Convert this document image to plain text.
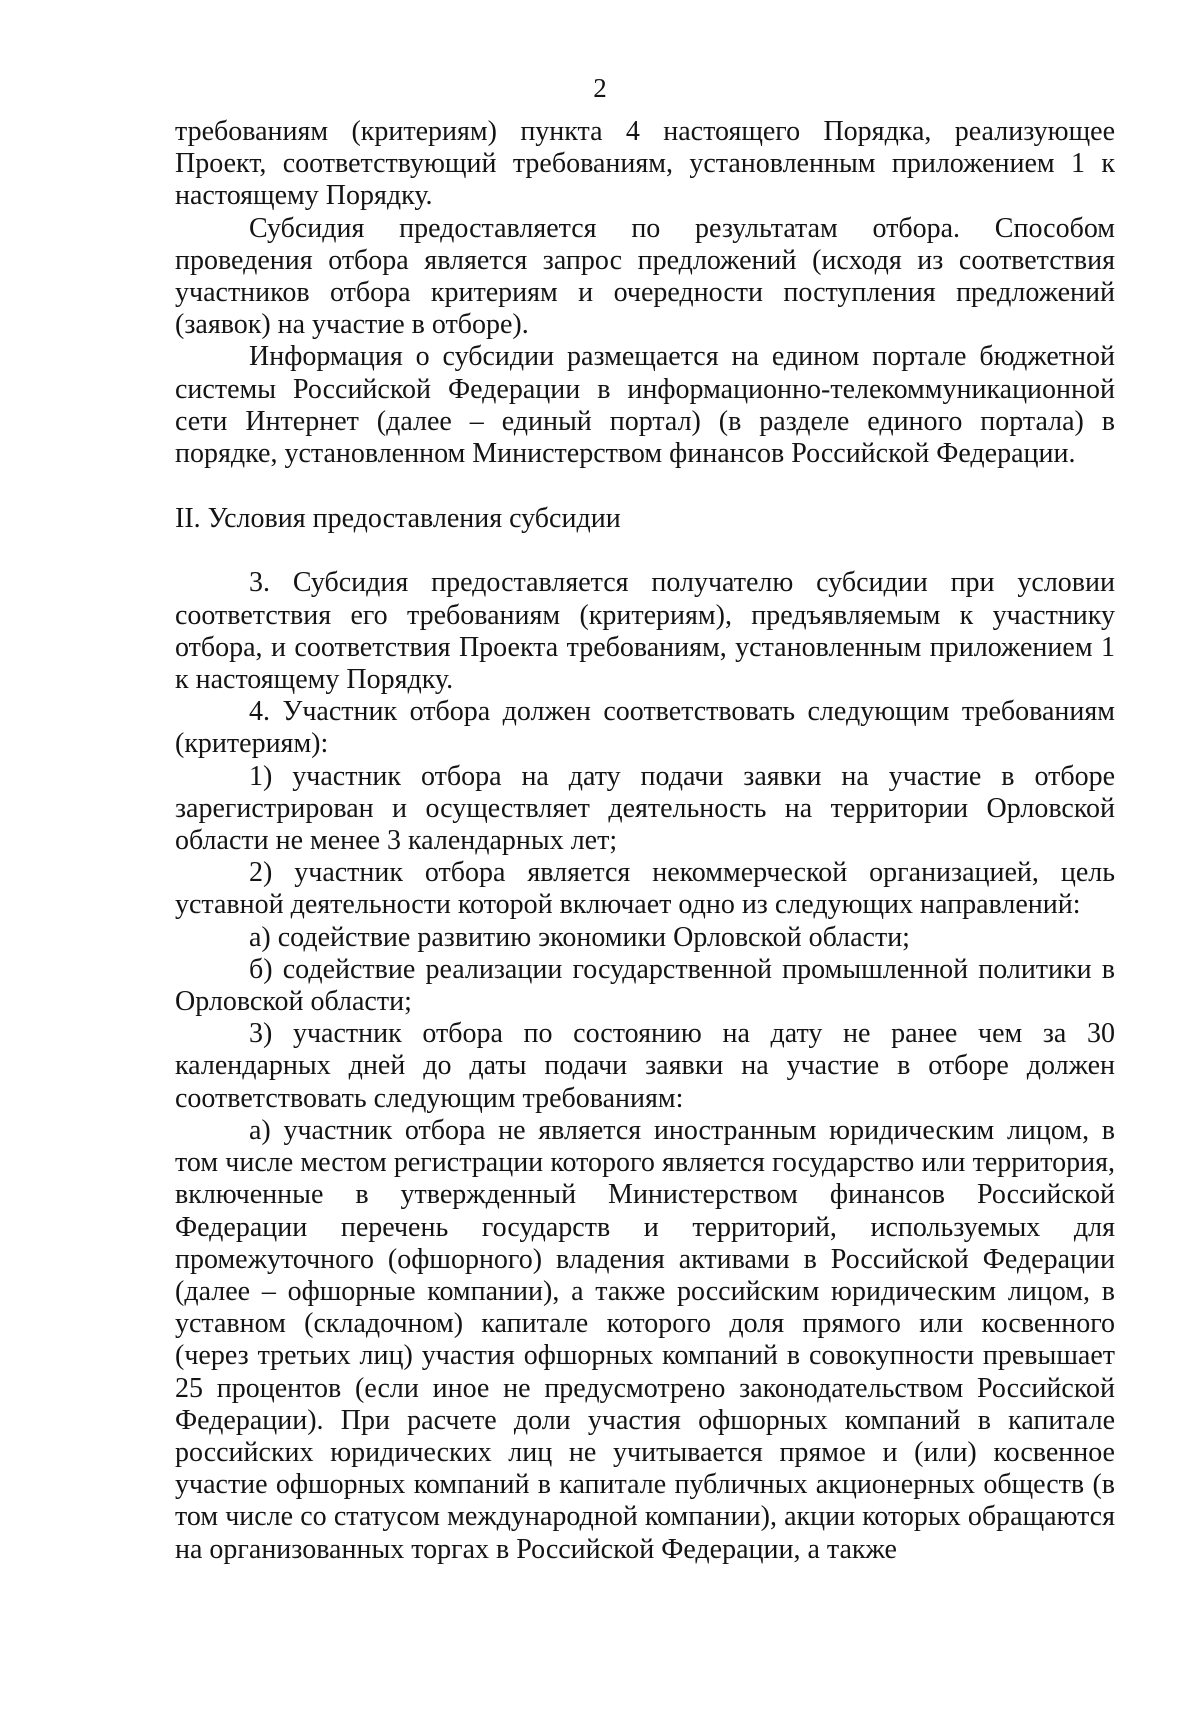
2

требованиям (критериям) пункта 4 настоящего Порядка, реализующее Проект, соответствующий требованиям, установленным приложением 1 к настоящему Порядку.

Субсидия предоставляется по результатам отбора. Способом проведения отбора является запрос предложений (исходя из соответствия участников отбора критериям и очередности поступления предложений (заявок) на участие в отборе).

Информация о субсидии размещается на едином портале бюджетной системы Российской Федерации в информационно-телекоммуникационной сети Интернет (далее – единый портал) (в разделе единого портала) в порядке, установленном Министерством финансов Российской Федерации.

II. Условия предоставления субсидии

3. Субсидия предоставляется получателю субсидии при условии соответствия его требованиям (критериям), предъявляемым к участнику отбора, и соответствия Проекта требованиям, установленным приложением 1 к настоящему Порядку.

4. Участник отбора должен соответствовать следующим требованиям (критериям):

1) участник отбора на дату подачи заявки на участие в отборе зарегистрирован и осуществляет деятельность на территории Орловской области не менее 3 календарных лет;

2) участник отбора является некоммерческой организацией, цель уставной деятельности которой включает одно из следующих направлений:

а) содействие развитию экономики Орловской области;

б) содействие реализации государственной промышленной политики в Орловской области;

3) участник отбора по состоянию на дату не ранее чем за 30 календарных дней до даты подачи заявки на участие в отборе должен соответствовать следующим требованиям:

а) участник отбора не является иностранным юридическим лицом, в том числе местом регистрации которого является государство или территория, включенные в утвержденный Министерством финансов Российской Федерации перечень государств и территорий, используемых для промежуточного (офшорного) владения активами в Российской Федерации (далее – офшорные компании), а также российским юридическим лицом, в уставном (складочном) капитале которого доля прямого или косвенного (через третьих лиц) участия офшорных компаний в совокупности превышает 25 процентов (если иное не предусмотрено законодательством Российской Федерации). При расчете доли участия офшорных компаний в капитале российских юридических лиц не учитывается прямое и (или) косвенное участие офшорных компаний в капитале публичных акционерных обществ (в том числе со статусом международной компании), акции которых обращаются на организованных торгах в Российской Федерации, а также
